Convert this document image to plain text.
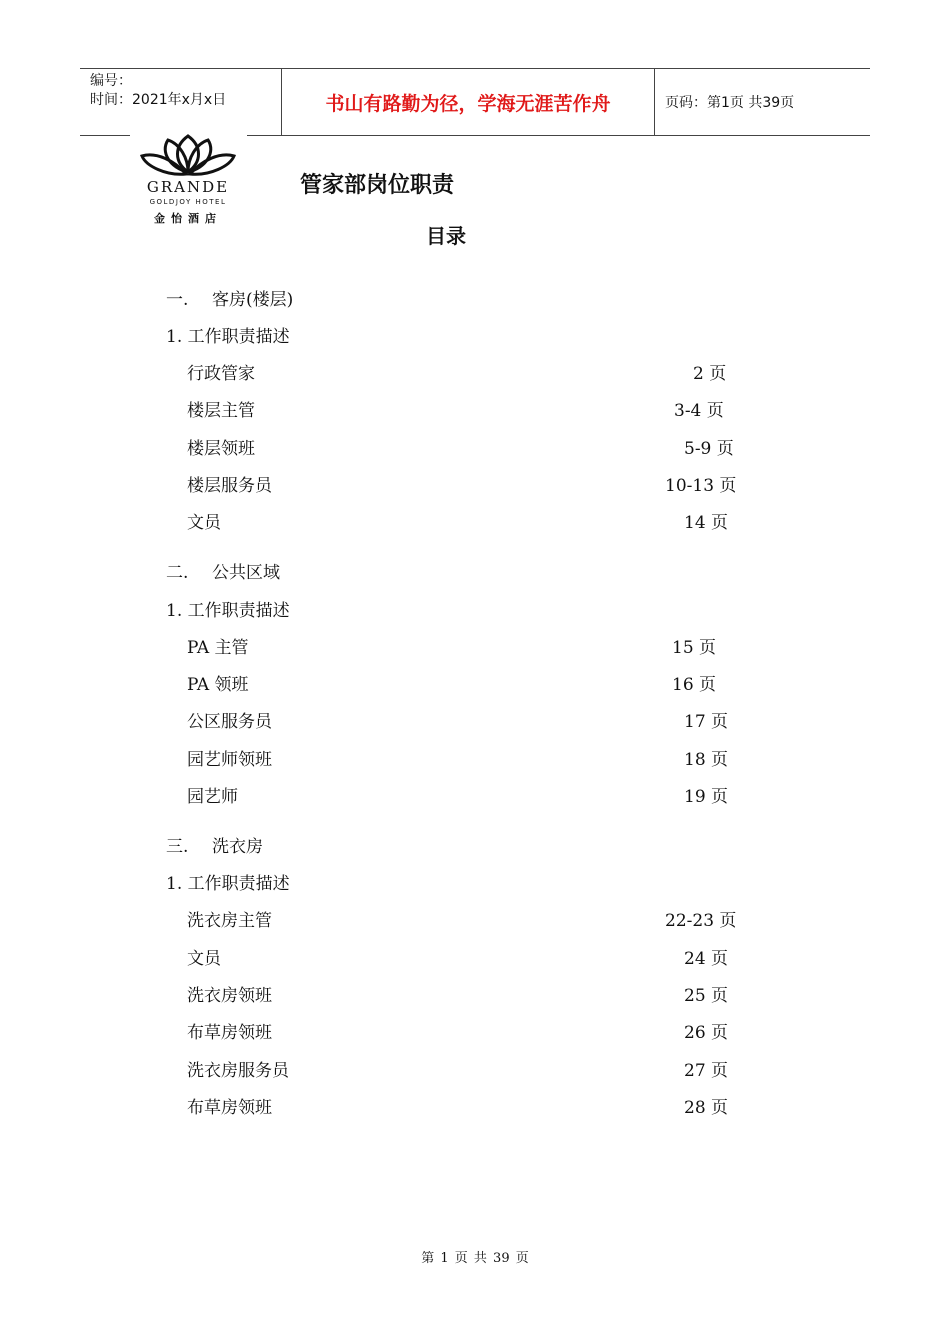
编号：
时间：2021年x月x日	书山有路勤为径，学海无涯苦作舟	页码：第1页 共39页
GRANDE
GOLDJOY HOTEL
金怡酒店
管家部岗位职责
目录
一. 客房(楼层)
1. 工作职责描述
行政管家	2 页
楼层主管	3-4 页
楼层领班	5-9 页
楼层服务员	10-13 页
文员	14 页
二. 公共区域
1. 工作职责描述
PA 主管	15 页
PA 领班	16 页
公区服务员	17 页
园艺师领班	18 页
园艺师	19 页
三. 洗衣房
1. 工作职责描述
洗衣房主管	22-23 页
文员	24 页
洗衣房领班	25 页
布草房领班	26 页
洗衣房服务员	27 页
布草房领班	28 页
第 1 页 共 39 页
